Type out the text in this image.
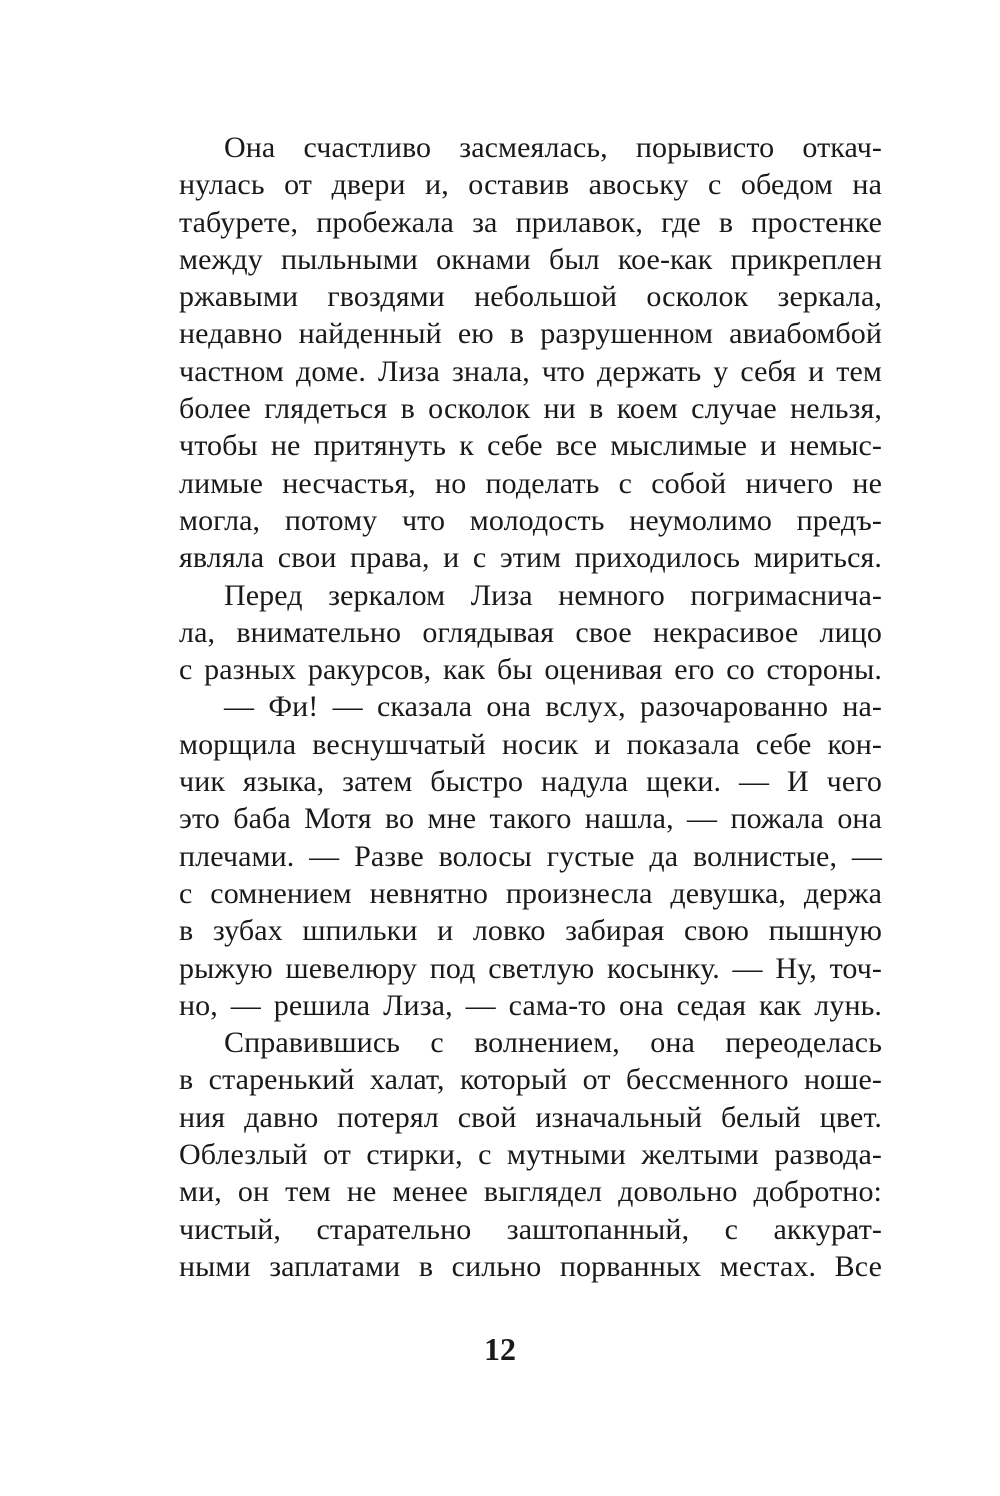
Она счастливо засмеялась, порывисто откач-
нулась от двери и, оставив авоську с обедом на
табурете, пробежала за прилавок, где в простенке
между пыльными окнами был кое-как прикреплен
ржавыми гвоздями небольшой осколок зеркала,
недавно найденный ею в разрушенном авиабомбой
частном доме. Лиза знала, что держать у себя и тем
более глядеться в осколок ни в коем случае нельзя,
чтобы не притянуть к себе все мыслимые и немыс-
лимые несчастья, но поделать с собой ничего не
могла, потому что молодость неумолимо предъ-
являла свои права, и с этим приходилось мириться.
Перед зеркалом Лиза немного погримаснича-
ла, внимательно оглядывая свое некрасивое лицо
с разных ракурсов, как бы оценивая его со стороны.
— Фи! — сказала она вслух, разочарованно на-
морщила веснушчатый носик и показала себе кон-
чик языка, затем быстро надула щеки. — И чего
это баба Мотя во мне такого нашла, — пожала она
плечами. — Разве волосы густые да волнистые, —
с сомнением невнятно произнесла девушка, держа
в зубах шпильки и ловко забирая свою пышную
рыжую шевелюру под светлую косынку. — Ну, точ-
но, — решила Лиза, — сама-то она седая как лунь.
Справившись с волнением, она переоделась
в старенький халат, который от бессменного ноше-
ния давно потерял свой изначальный белый цвет.
Облезлый от стирки, с мутными желтыми развода-
ми, он тем не менее выглядел довольно добротно:
чистый, старательно заштопанный, с аккурат-
ными заплатами в сильно порванных местах. Все
12
